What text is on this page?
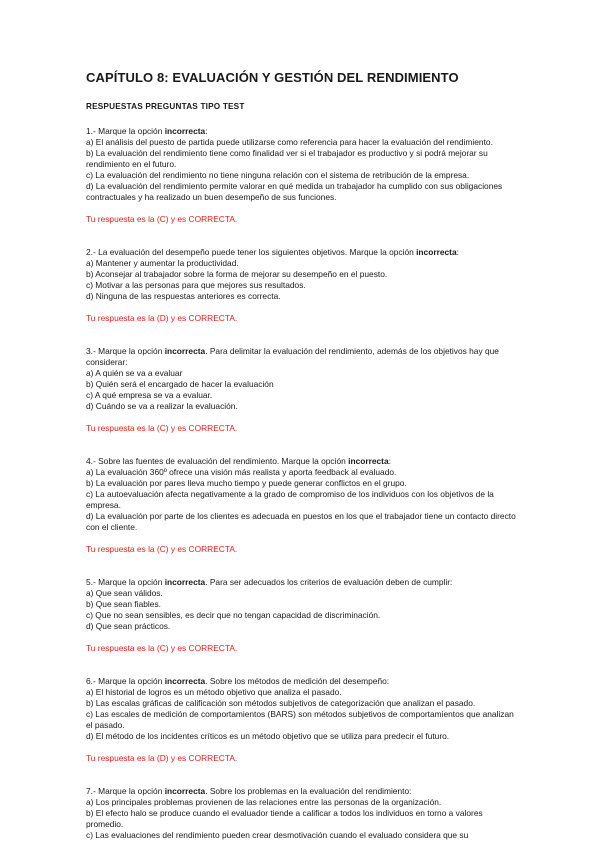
CAPÍTULO 8: EVALUACIÓN Y GESTIÓN DEL RENDIMIENTO
RESPUESTAS PREGUNTAS TIPO TEST

1.- Marque la opción incorrecta:

a) El análisis del puesto de partida puede utilizarse como referencia para hacer la evaluación del rendimiento.

b) La evaluación del rendimiento tiene como finalidad ver si el trabajador es productivo y si podrá mejorar su rendimiento en el futuro.

c) La evaluación del rendimiento no tiene ninguna relación con el sistema de retribución de la empresa.

d) La evaluación del rendimiento permite valorar en qué medida un trabajador ha cumplido con sus obligaciones contractuales y ha realizado un buen desempeño de sus funciones.

Tu respuesta es la (C) y es CORRECTA.

2.- La evaluación del desempeño puede tener los siguientes objetivos. Marque la opción incorrecta:

a) Mantener y aumentar la productividad.

b) Aconsejar al trabajador sobre la forma de mejorar su desempeño en el puesto.

c) Motivar a las personas para que mejores sus resultados.

d) Ninguna de las respuestas anteriores es correcta.

Tu respuesta es la (D) y es CORRECTA.

3.- Marque la opción incorrecta. Para delimitar la evaluación del rendimiento, además de los objetivos hay que considerar:

a) A quién se va a evaluar

b) Quién será el encargado de hacer la evaluación

c) A qué empresa se va a evaluar.

d) Cuándo se va a realizar la evaluación.

Tu respuesta es la (C) y es CORRECTA.

4.- Sobre las fuentes de evaluación del rendimiento. Marque la opción incorrecta:

a) La evaluación 360º ofrece una visión más realista y aporta feedback al evaluado.

b) La evaluación por pares lleva mucho tiempo y puede generar conflictos en el grupo.

c) La autoevaluación afecta negativamente a la grado de compromiso de los individuos con los objetivos de la empresa.

d) La evaluación por parte de los clientes es adecuada en puestos en los que el trabajador tiene un contacto directo con el cliente.

Tu respuesta es la (C) y es CORRECTA.

5.- Marque la opción incorrecta. Para ser adecuados los criterios de evaluación deben de cumplir:

a) Que sean válidos.

b) Que sean fiables.

c) Que no sean sensibles, es decir que no tengan capacidad de discriminación.

d) Que sean prácticos.

Tu respuesta es la (C) y es CORRECTA.

6.- Marque la opción incorrecta. Sobre los métodos de medición del desempeño:

a) El historial de logros es un método objetivo que analiza el pasado.

b) Las escalas gráficas de calificación son métodos subjetivos de categorización que analizan el pasado.

c) Las escales de medición de comportamientos (BARS) son métodos subjetivos de comportamientos que analizan el pasado.

d) El método de los incidentes críticos es un método objetivo que se utiliza para predecir el futuro.

Tu respuesta es la (D) y es CORRECTA.

7.- Marque la opción incorrecta. Sobre los problemas en la evaluación del rendimiento:

a) Los principales problemas provienen de las relaciones entre las personas de la organización.

b) El efecto halo se produce cuando el evaluador tiende a calificar a todos los individuos en torno a valores promedio.

c) Las evaluaciones del rendimiento pueden crear desmotivación cuando el evaluado considera que su
